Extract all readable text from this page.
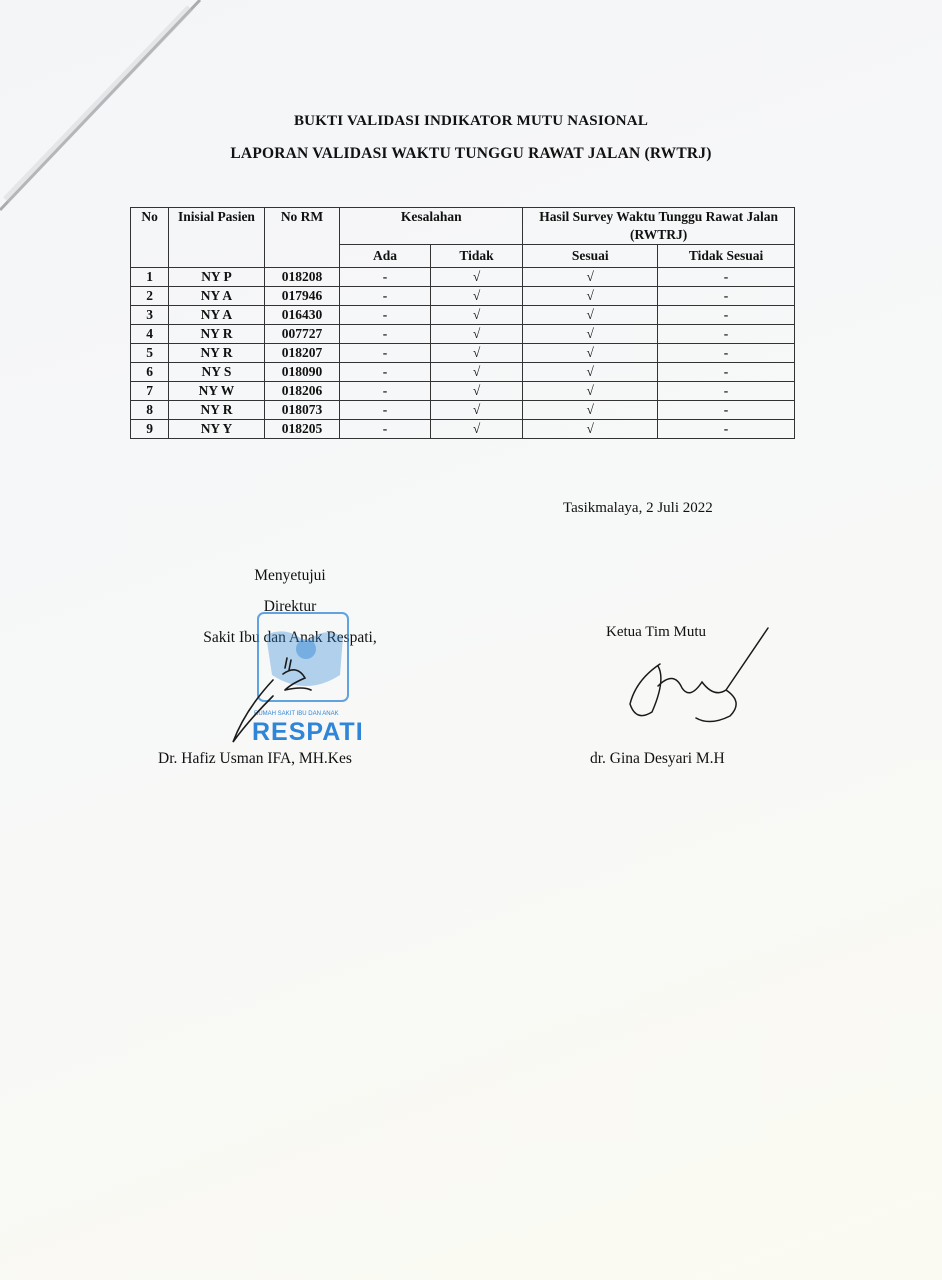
BUKTI VALIDASI INDIKATOR MUTU NASIONAL
LAPORAN VALIDASI WAKTU TUNGGU RAWAT JALAN (RWTRJ)
No	Inisial Pasien	No RM	Kesalahan		Hasil Survey Waktu Tunggu Rawat Jalan (RWTRJ)	
			Ada	Tidak	Sesuai	Tidak Sesuai
1	NY P	018208	-	√	√	-
2	NY A	017946	-	√	√	-
3	NY A	016430	-	√	√	-
4	NY R	007727	-	√	√	-
5	NY R	018207	-	√	√	-
6	NY S	018090	-	√	√	-
7	NY W	018206	-	√	√	-
8	NY R	018073	-	√	√	-
9	NY Y	018205	-	√	√	-
Tasikmalaya, 2 Juli 2022
Menyetujui
Direktur
Sakit Ibu dan Anak Respati,
RUMAH SAKIT IBU DAN ANAK
RESPATI
Dr. Hafiz Usman IFA, MH.Kes
Ketua Tim Mutu
dr. Gina Desyari M.H
